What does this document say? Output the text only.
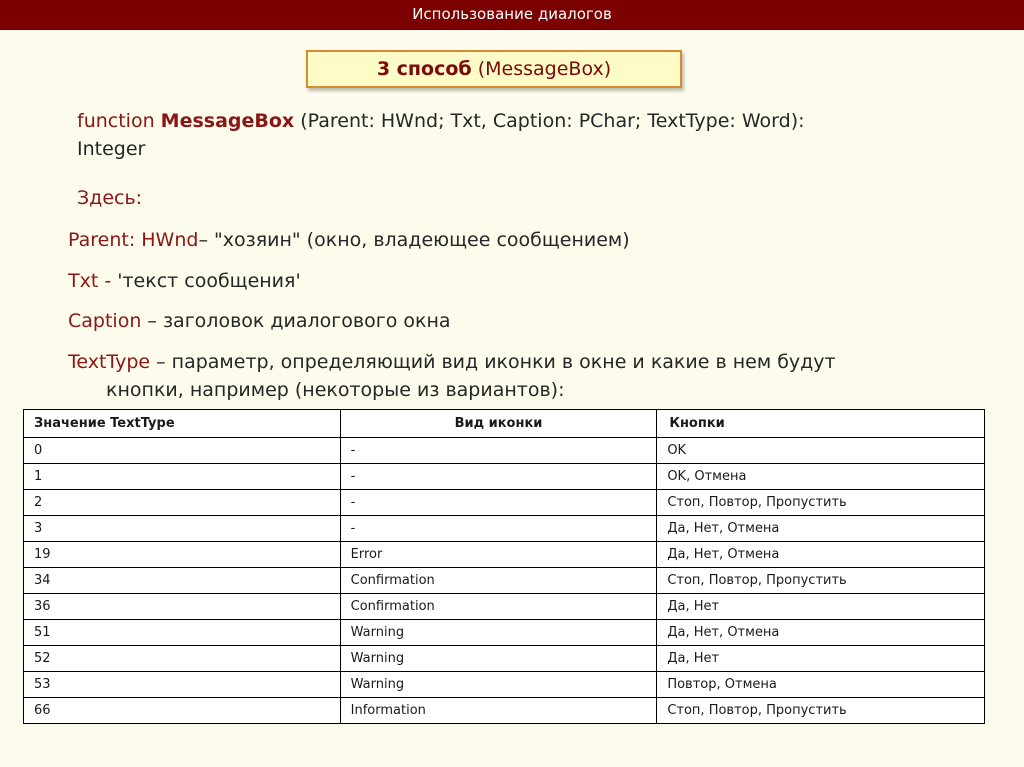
Использование диалогов
3 способ (MessageBox)
function MessageBox (Parent: HWnd; Txt, Caption: PChar; TextType: Word):
Integer
Здесь:
Parent: HWnd– "хозяин" (окно, владеющее сообщением)
Txt - 'текст сообщения'
Caption – заголовок диалогового окна
TextType – параметр, определяющий вид иконки в окне и какие в нем будут
кнопки, например (некоторые из вариантов):
Значение TextType	Вид иконки	Кнопки
0	-	OK
1	-	OK, Отмена
2	-	Стоп, Повтор, Пропустить
3	-	Да, Нет, Отмена
19	Error	Да, Нет, Отмена
34	Confirmation	Стоп, Повтор, Пропустить
36	Confirmation	Да, Нет
51	Warning	Да, Нет, Отмена
52	Warning	Да, Нет
53	Warning	Повтор, Отмена
66	Information	Стоп, Повтор, Пропустить
